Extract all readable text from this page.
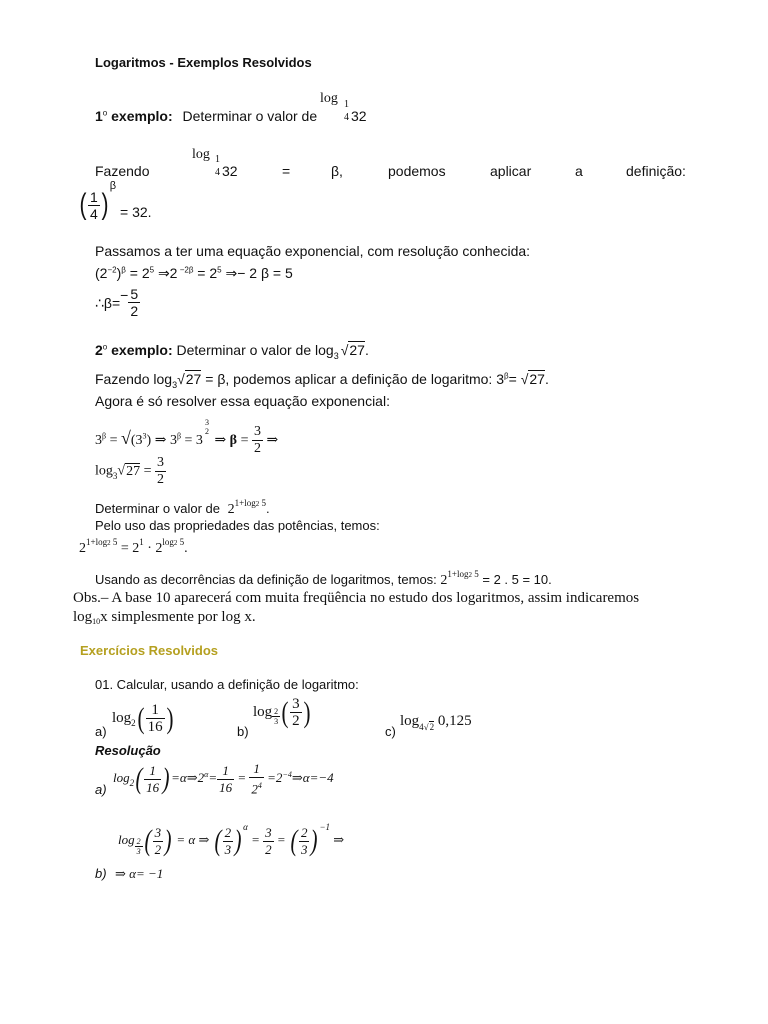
Logaritmos - Exemplos Resolvidos
1$^o$ exemplo: Determinar o valor de
log 1
4 32
Fazendo
log 1
4 32	=	β,	podemos	aplicar	a	definição:
( $\frac{1}{4} )^\beta = 32$.
Passamos a ter uma equação exponencial, com resolução conhecida:
$(2^{-2})^\beta = 2^5$ ⇒2 $^{-2\beta} = 2^5$ ⇒− 2 β = 5
∴β=− $\frac{5}{2}$
2$^o$ exemplo: Determinar o valor de $\log_3 √27$.
Fazendo $\log_3√27 = \beta$, podemos aplicar a definição de logaritmo: $3^\beta= √27$.
Agora é só resolver essa equação exponencial:
$3^\beta = √(3^3)$ ⇒ $3^\beta = 3$
3
2
⇒ $\beta = \frac{3}{2}$ ⇒
$\log_3√27 = \frac{3}{2}$
Determinar o valor de $2^{1+log2 5}$.
Pelo uso das propriedades das potências, temos:
$2^{1+log2 5} = 2^1 \cdot 2^{log2 5}$.
Usando as decorrências da definição de logaritmos, temos: $2^{1+log2 5} = 2$ . 5 = 10.
Obs.– A base 10 aparecerá com muita freqüência no estudo dos logaritmos, assim indicaremos
$\log_{10}x$ simplesmente por log x.
Exercícios Resolvidos
01. Calcular, usando a definição de logaritmo:
a)
$\log_2( \frac{1}{16}$ )	b)
$\log \frac{2}{3}$ ( $\frac{3}{2}$ )
c)
$\log_{4√2} 0,125$
Resolução
a)
$\log_2( \frac{1}{16}$ ) $=\alpha\Rightarrow 2^\alpha= \frac{1}{16} = \frac{1}{2^4}$ $=2^{-4}\Rightarrow\alpha=-4$
$\log \frac{2}{3}$ ( $\frac{3}{2}$ ) = α ⇒ ( $\frac{2}{3}$ ) $^\alpha = \frac{3}{2}$ = ( $\frac{2}{3}$ ) $^{-1}$ ⇒
b) ⇒ α= −1
